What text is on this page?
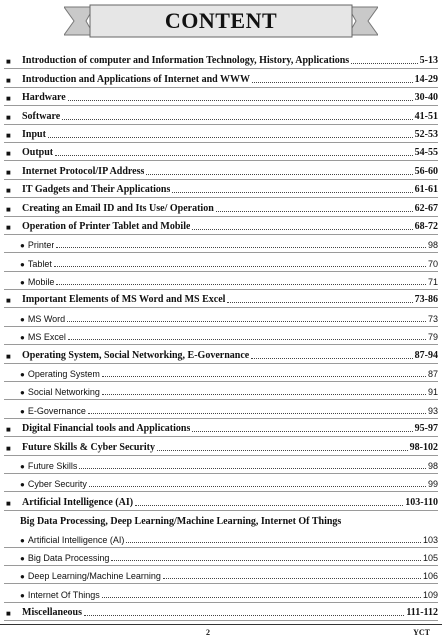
CONTENT
■	Introduction of computer and Information Technology, History, Applications	5-13
■	Introduction and Applications of Internet and WWW	14-29
■	Hardware	30-40
■	Software	41-51
■	Input	52-53
■	Output	54-55
■	Internet Protocol/IP Address	56-60
■	IT Gadgets and Their Applications	61-61
■	Creating an Email ID and Its Use/ Operation	62-67
■	Operation of Printer Tablet and Mobile	68-72
● Printer	98
● Tablet	70
● Mobile	71
■	Important Elements of MS Word and MS Excel	73-86
● MS Word	73
● MS Excel	79
■	Operating System, Social Networking, E-Governance	87-94
● Operating System	87
● Social Networking	91
● E-Governance	93
■	Digital Financial tools and Applications	95-97
■	Future Skills & Cyber Security	98-102
● Future Skills	98
● Cyber Security	99
■	Artificial Intelligence (AI)	103-110
Big Data Processing, Deep Learning/Machine Learning, Internet Of Things
● Artificial Intelligence (AI)	103
● Big Data Processing	105
● Deep Learning/Machine Learning	106
● Internet Of Things	109
■	Miscellaneous	111-112
2	YCT
